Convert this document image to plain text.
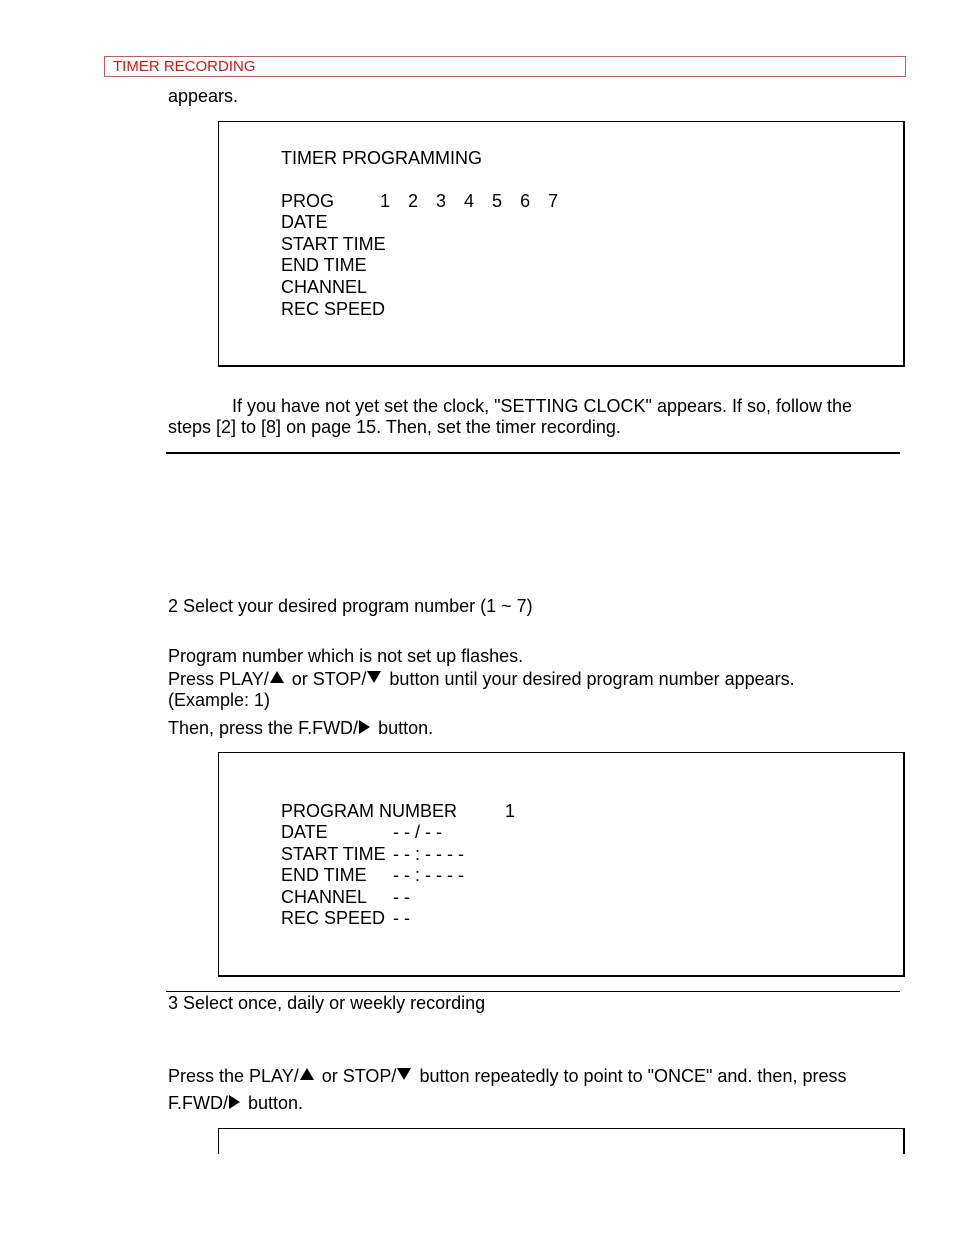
TIMER RECORDING
appears.
TIMER PROGRAMMING
PROG	1  2  3  4  5  6  7
DATE
START TIME
END TIME
CHANNEL
REC SPEED
If you have not yet set the clock, "SETTING CLOCK" appears. If so, follow the
steps [2] to [8] on page 15. Then, set the timer recording.
2 Select your desired program number (1 ~ 7)
Program number which is not set up flashes.
Press PLAY/ or STOP/ button until your desired program number appears.
(Example: 1)
Then, press the F.FWD/ button.
PROGRAM NUMBER	1
DATE	- - / - -
START TIME - - : - - - -
END TIME - - : - - - -
CHANNEL - -
REC SPEED - -
3 Select once, daily or weekly recording
Press the PLAY/ or STOP/ button repeatedly to point to "ONCE" and. then, press
F.FWD/ button.
